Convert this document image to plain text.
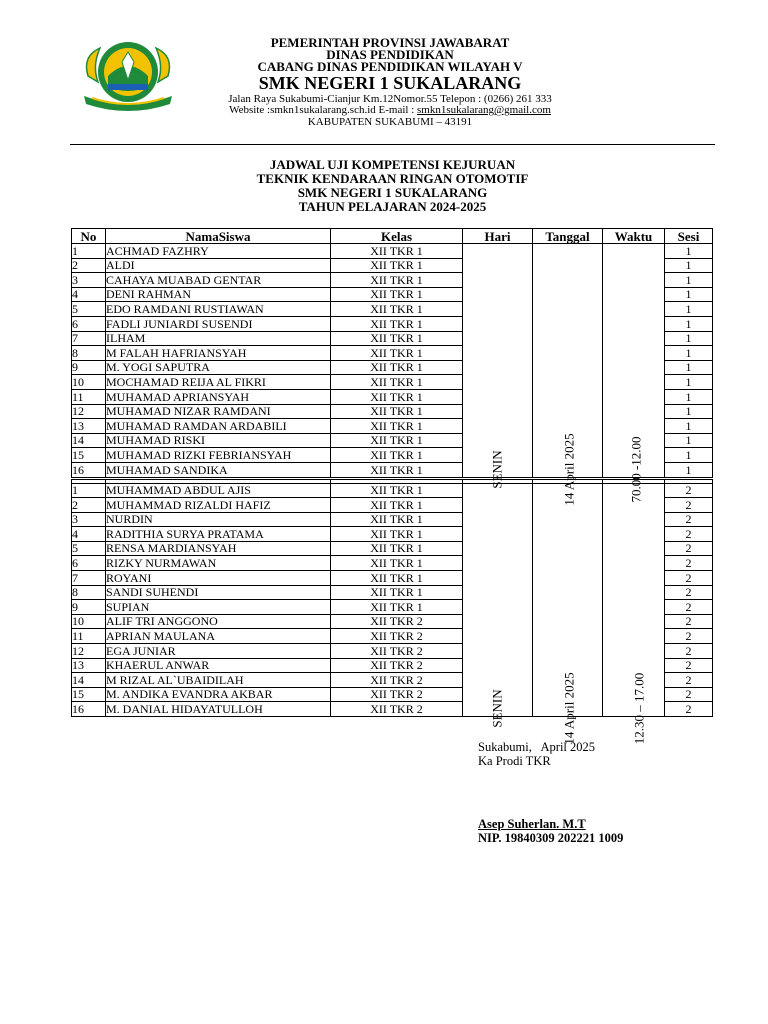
PEMERINTAH PROVINSI JAWABARAT
DINAS PENDIDIKAN
CABANG DINAS PENDIDIKAN WILAYAH V
SMK NEGERI 1 SUKALARANG
Jalan Raya Sukabumi-Cianjur Km.12Nomor.55 Telepon : (0266) 261 333
Website :smkn1sukalarang.sch.id E-mail : smkn1sukalarang@gmail.com
KABUPATEN SUKABUMI – 43191
JADWAL UJI KOMPETENSI KEJURUAN
TEKNIK KENDARAAN RINGAN OTOMOTIF
SMK NEGERI 1 SUKALARANG
TAHUN PELAJARAN 2024-2025
No	NamaSiswa	Kelas	Hari	Tanggal	Waktu	Sesi
1	ACHMAD FAZHRY	XII TKR 1	SENIN	14 April 2025	70.00 -12.00	1
2	ALDI	XII TKR 1				1
3	CAHAYA MUABAD GENTAR	XII TKR 1				1
4	DENI RAHMAN	XII TKR 1				1
5	EDO RAMDANI RUSTIAWAN	XII TKR 1				1
6	FADLI JUNIARDI SUSENDI	XII TKR 1				1
7	ILHAM	XII TKR 1				1
8	M FALAH HAFRIANSYAH	XII TKR 1				1
9	M. YOGI SAPUTRA	XII TKR 1				1
10	MOCHAMAD REIJA AL FIKRI	XII TKR 1				1
11	MUHAMAD APRIANSYAH	XII TKR 1				1
12	MUHAMAD NIZAR RAMDANI	XII TKR 1				1
13	MUHAMAD RAMDAN ARDABILI	XII TKR 1				1
14	MUHAMAD RISKI	XII TKR 1				1
15	MUHAMAD RIZKI FEBRIANSYAH	XII TKR 1				1
16	MUHAMAD SANDIKA	XII TKR 1				1

1	MUHAMMAD ABDUL AJIS	XII TKR 1	SENIN	14 April 2025	12.30 – 17.00	2
2	MUHAMMAD RIZALDI HAFIZ	XII TKR 1				2
3	NURDIN	XII TKR 1				2
4	RADITHIA SURYA PRATAMA	XII TKR 1				2
5	RENSA MARDIANSYAH	XII TKR 1				2
6	RIZKY NURMAWAN	XII TKR 1				2
7	ROYANI	XII TKR 1				2
8	SANDI SUHENDI	XII TKR 1				2
9	SUPIAN	XII TKR 1				2
10	ALIF TRI ANGGONO	XII TKR 2				2
11	APRIAN MAULANA	XII TKR 2				2
12	EGA JUNIAR	XII TKR 2				2
13	KHAERUL ANWAR	XII TKR 2				2
14	M RIZAL AL`UBAIDILAH	XII TKR 2				2
15	M. ANDIKA EVANDRA AKBAR	XII TKR 2				2
16	M. DANIAL HIDAYATULLOH	XII TKR 2				2
Sukabumi,   April 2025
Ka Prodi TKR
Asep Suherlan. M.T
NIP. 19840309 202221 1009
